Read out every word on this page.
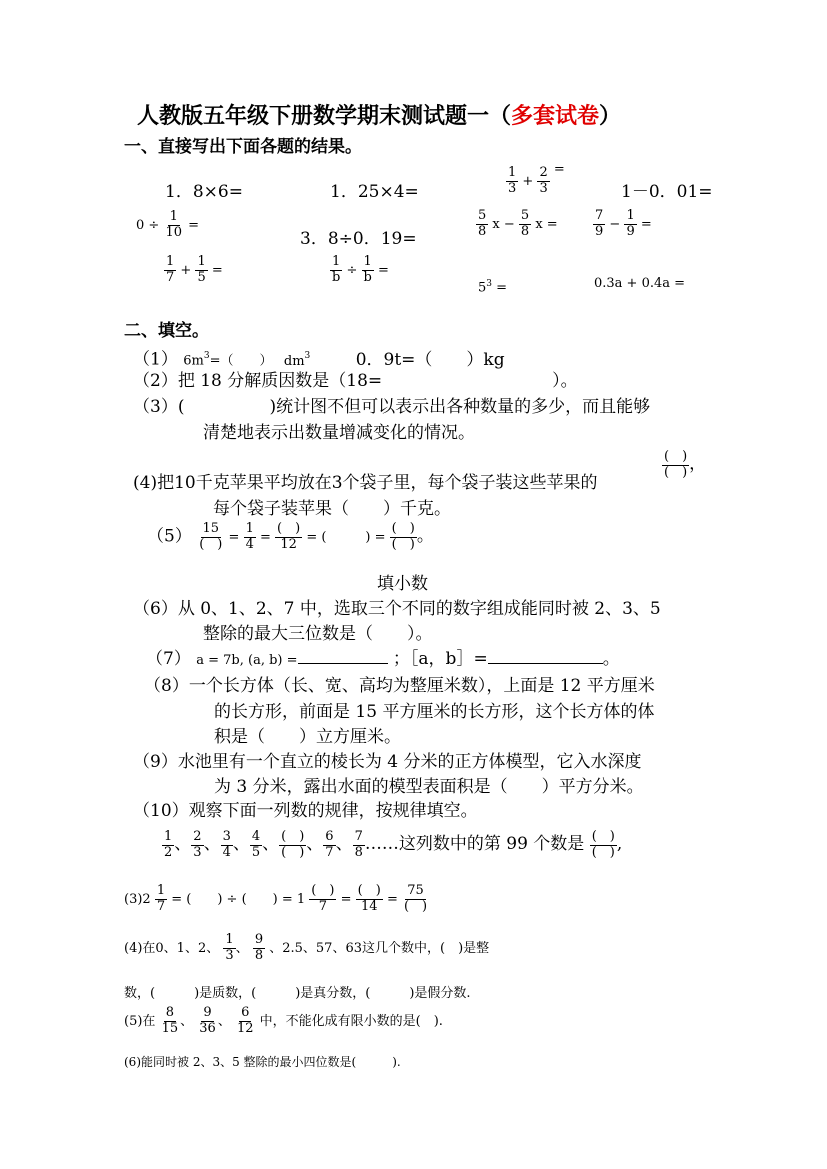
人教版五年级下册数学期末测试题一（多套试卷）
一、直接写出下面各题的结果。
1．8×6=	1．25×4=	$\frac{1}{3} + \frac{2}{3}$ =
1－0．01=
$0 \div \frac{1}{10}$ =
3．8÷0．19=	$\frac{5}{8}$ $x - \frac{5}{8}$ x =	$\frac{7}{9} - \frac{1}{9}$ =
$\frac{1}{7} + \frac{1}{5}$ =	$\frac{1}{b} \div \frac{1}{b}$ =
$5^3$ =	0.3a + 0.4a =
二、填空。
（1） $6m^3=$（　　） $dm^3$	0．9t=（　　）kg
（2）把 18 分解质因数是（18=　　　　　　　　　　）。
（3）(　　　　　)统计图不但可以表示出各种数量的多少，而且能够
清楚地表示出数量增减变化的情况。
(4)把10千克苹果平均放在3个袋子里，每个袋子装这些苹果的
$\frac{( )}{( )}$ ，
每个袋子装苹果（　　）千克。
$(5) \frac{15}{( )} = \frac{1}{4} = \frac{( )}{12}$ = (　　　) = $\frac{( )}{( )}$ 。
填小数
（6）从 0、1、2、7 中，选取三个不同的数字组成能同时被 2、3、5
整除的最大三位数是（　　）。
（7） a = 7b, (a, b) =	；［a，b］=	。
（8）一个长方体（长、宽、高均为整厘米数），上面是 12 平方厘米
的长方形，前面是 15 平方厘米的长方形，这个长方体的体
积是（　　）立方厘米。
（9）水池里有一个直立的棱长为 4 分米的正方体模型，它入水深度
为 3 分米，露出水面的模型表面积是（　　）平方分米。
（10）观察下面一列数的规律，按规律填空。
$\frac{1}{2}$ 、 $\frac{2}{3}$ 、 $\frac{3}{4}$ 、 $\frac{4}{5}$ 、 $\frac{( )}{( )}$ 、 $\frac{6}{7}$ 、 $\frac{7}{8}$ ……这列数中的第 99 个数是 $\frac{( )}{( )}$ ,
$(3)2 \frac{1}{7}$ = (　　) ÷ (　　) = $1 \frac{( )}{7} = \frac{( )}{14} = \frac{75}{( )}$
(4)在0、1、2、 $\frac{1}{3}$ 、 $\frac{9}{8}$ 、2.5、57、63这几个数中，(　)是整
数，(　　　)是质数，(　　　)是真分数，(　　　)是假分数.
(5)在 $\frac{8}{15}$ 、 $\frac{9}{36}$ 、 $\frac{6}{12}$ 中，不能化成有限小数的是(　).
(6)能同时被 2、3、5 整除的最小四位数是(　　　).
